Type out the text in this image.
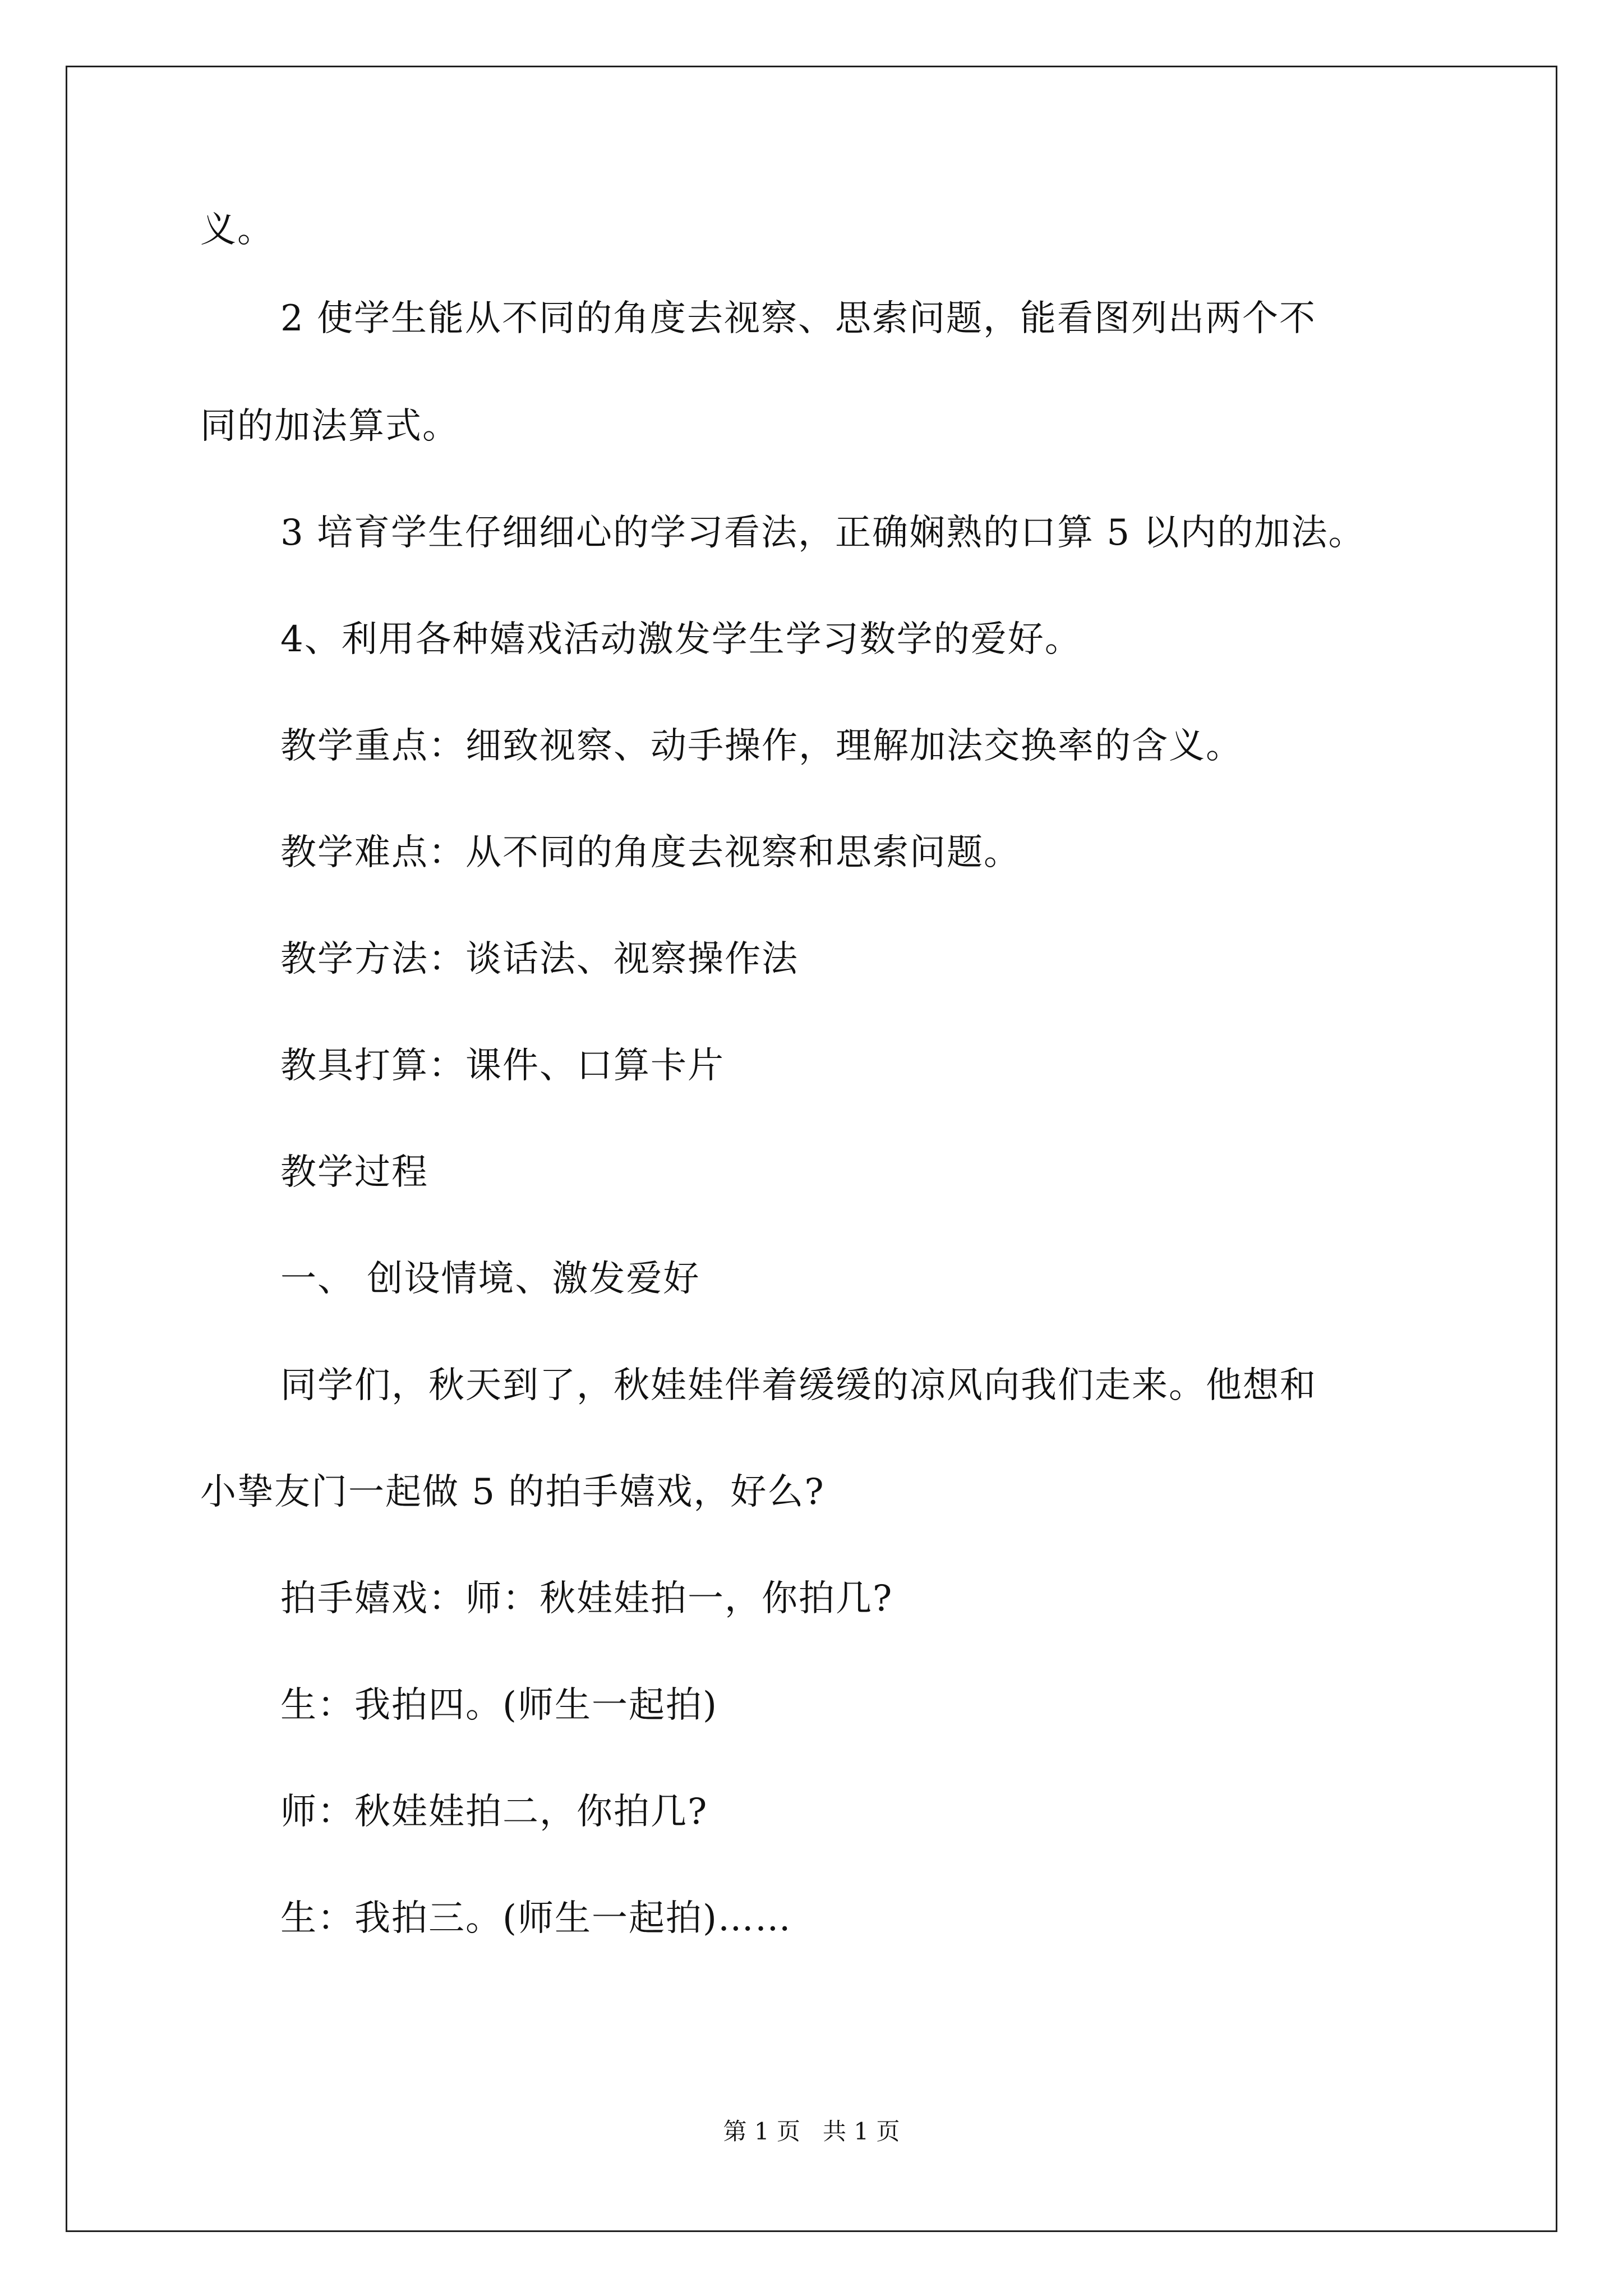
义。
2 使学生能从不同的角度去视察、思索问题，能看图列出两个不
同的加法算式。
3 培育学生仔细细心的学习看法，正确娴熟的口算 5 以内的加法。
4、利用各种嬉戏活动激发学生学习数学的爱好。
教学重点：细致视察、动手操作，理解加法交换率的含义。
教学难点：从不同的角度去视察和思索问题。
教学方法：谈话法、视察操作法
教具打算：课件、口算卡片
教学过程
一、 创设情境、激发爱好
同学们，秋天到了，秋娃娃伴着缓缓的凉风向我们走来。他想和
小挚友门一起做 5 的拍手嬉戏，好么?
拍手嬉戏：师：秋娃娃拍一，你拍几?
生：我拍四。(师生一起拍)
师：秋娃娃拍二，你拍几?
生：我拍三。(师生一起拍)……
第 1 页   共 1 页
